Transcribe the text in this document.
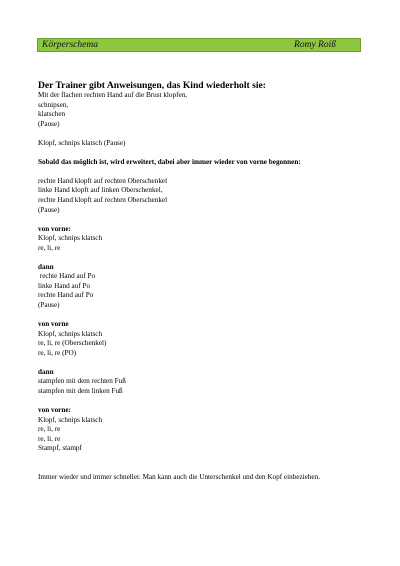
Körperschema	Romy Roiß
Der Trainer gibt Anweisungen, das Kind wiederholt sie:
Mit der flachen rechten Hand auf die Brust klopfen,
schnipsen,
klatschen
(Pause)
Klopf, schnips klatsch (Pause)
Sobald das möglich ist, wird erweitert, dabei aber immer wieder von vorne begonnen:
rechte Hand klopft auf rechten Oberschenkel
linke Hand klopft auf linken Oberschenkel,
rechte Hand klopft auf rechten Oberschenkel
(Pause)
von vorne:
Klopf, schnips klatsch
re, li, re
dann
rechte Hand auf Po
linke Hand auf Po
rechte Hand auf Po
(Pause)
von vorne
Klopf, schnips klatsch
re, li, re (Oberschenkel)
re, li, re (PO)
dann
stampfen mit dem rechten Fuß
stampfen mit dem linken Fuß
von vorne:
Klopf, schnips klatsch
re, li, re
re, li, re
Stampf, stampf
Immer wieder und immer schneller. Man kann auch die Unterschenkel und den Kopf einbeziehen.
